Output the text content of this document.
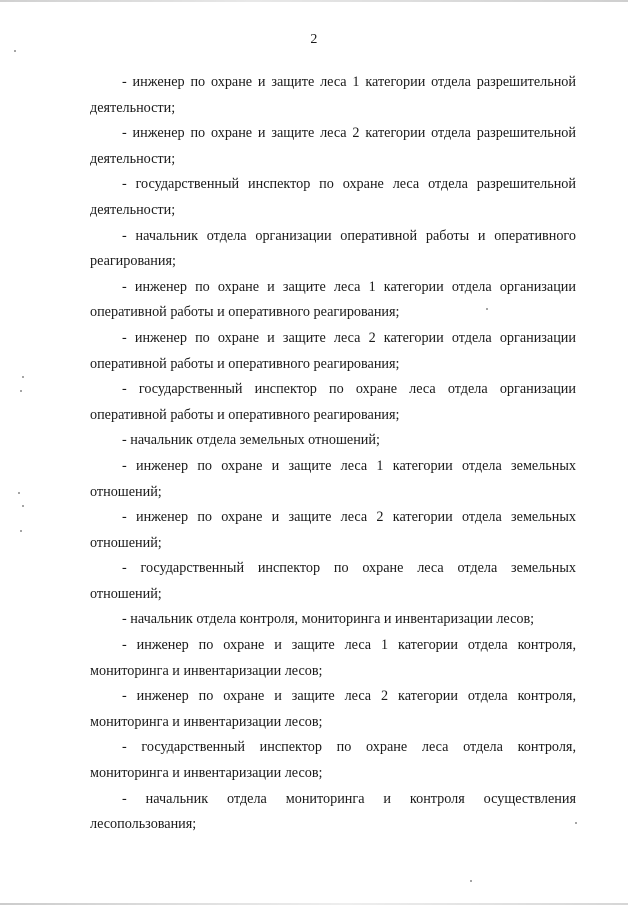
2

- инженер по охране и защите леса 1 категории отдела разрешительной деятельности;

- инженер по охране и защите леса 2 категории отдела разрешительной деятельности;

- государственный инспектор по охране леса отдела разрешительной деятельности;

- начальник отдела организации оперативной работы и оперативного реагирования;

- инженер по охране и защите леса 1 категории отдела организации оперативной работы и оперативного реагирования;

- инженер по охране и защите леса 2 категории отдела организации оперативной работы и оперативного реагирования;

- государственный инспектор по охране леса отдела организации оперативной работы и оперативного реагирования;

- начальник отдела земельных отношений;

- инженер по охране и защите леса 1 категории отдела земельных отношений;

- инженер по охране и защите леса 2 категории отдела земельных отношений;

- государственный инспектор по охране леса отдела земельных отношений;

- начальник отдела контроля, мониторинга и инвентаризации лесов;

- инженер по охране и защите леса 1 категории отдела контроля, мониторинга и инвентаризации лесов;

- инженер по охране и защите леса 2 категории отдела контроля, мониторинга и инвентаризации лесов;

- государственный инспектор по охране леса отдела контроля, мониторинга и инвентаризации лесов;

- начальник отдела мониторинга и контроля осуществления лесопользования;
